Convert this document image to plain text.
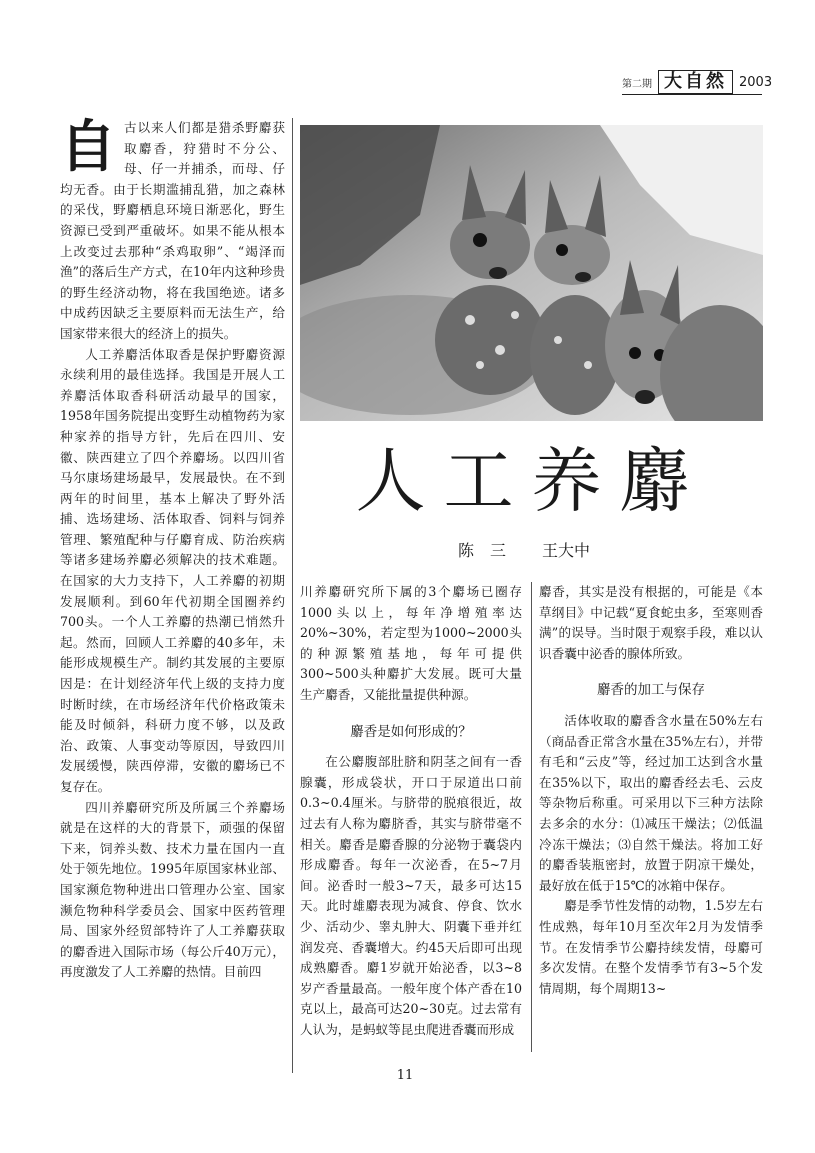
第二期 大自然 2003

自古以来人们都是猎杀野麝获取麝香，狩猎时不分公、母、仔一并捕杀，而母、仔均无香。由于长期滥捕乱猎，加之森林的采伐，野麝栖息环境日渐恶化，野生资源已受到严重破坏。如果不能从根本上改变过去那种“杀鸡取卵”、“竭泽而渔”的落后生产方式，在10年内这种珍贵的野生经济动物，将在我国绝迹。诸多中成药因缺乏主要原料而无法生产，给国家带来很大的经济上的损失。

人工养麝活体取香是保护野麝资源永续利用的最佳选择。我国是开展人工养麝活体取香科研活动最早的国家，1958年国务院提出变野生动植物药为家种家养的指导方针，先后在四川、安徽、陕西建立了四个养麝场。以四川省马尔康场建场最早，发展最快。在不到两年的时间里，基本上解决了野外活捕、选场建场、活体取香、饲料与饲养管理、繁殖配种与仔麝育成、防治疾病等诸多建场养麝必须解决的技术难题。在国家的大力支持下，人工养麝的初期发展顺利。到60年代初期全国圈养约700头。一个人工养麝的热潮已悄然升起。然而，回顾人工养麝的40多年，未能形成规模生产。制约其发展的主要原因是：在计划经济年代上级的支持力度时断时续，在市场经济年代价格政策未能及时倾斜，科研力度不够，以及政治、政策、人事变动等原因，导致四川发展缓慢，陕西停滞，安徽的麝场已不复存在。

四川养麝研究所及所属三个养麝场就是在这样的大的背景下，顽强的保留下来，饲养头数、技术力量在国内一直处于领先地位。1995年原国家林业部、国家濒危物种进出口管理办公室、国家濒危物种科学委员会、国家中医药管理局、国家外经贸部特许了人工养麝获取的麝香进入国际市场（每公斤40万元），再度激发了人工养麝的热情。目前四

人工养麝
陈　三 王大中

川养麝研究所下属的3个麝场已圈存1000头以上，每年净增殖率达20%~30%，若定型为1000~2000头的种源繁殖基地，每年可提供300~500头种麝扩大发展。既可大量生产麝香，又能批量提供种源。

麝香是如何形成的？

在公麝腹部肚脐和阴茎之间有一香腺囊，形成袋状，开口于尿道出口前0.3~0.4厘米。与脐带的脱痕很近，故过去有人称为麝脐香，其实与脐带毫不相关。麝香是麝香腺的分泌物于囊袋内形成麝香。每年一次泌香，在5~7月间。泌香时一般3~7天，最多可达15天。此时雄麝表现为减食、停食、饮水少、活动少、睾丸肿大、阴囊下垂并红润发亮、香囊增大。约45天后即可出现成熟麝香。麝1岁就开始泌香，以3~8岁产香量最高。一般年度个体产香在10克以上，最高可达20~30克。过去常有人认为，是蚂蚁等昆虫爬进香囊而形成

麝香，其实是没有根据的，可能是《本草纲目》中记载“夏食蛇虫多，至寒则香满”的误导。当时限于观察手段，难以认识香囊中泌香的腺体所致。

麝香的加工与保存

活体收取的麝香含水量在50%左右（商品香正常含水量在35%左右），并带有毛和“云皮”等，经过加工达到含水量在35%以下，取出的麝香经去毛、云皮等杂物后称重。可采用以下三种方法除去多余的水分：⑴减压干燥法；⑵低温冷冻干燥法；⑶自然干燥法。将加工好的麝香装瓶密封，放置于阴凉干燥处，最好放在低于15℃的冰箱中保存。

麝是季节性发情的动物，1.5岁左右性成熟，每年10月至次年2月为发情季节。在发情季节公麝持续发情，母麝可多次发情。在整个发情季节有3~5个发情周期，每个周期13~

11
